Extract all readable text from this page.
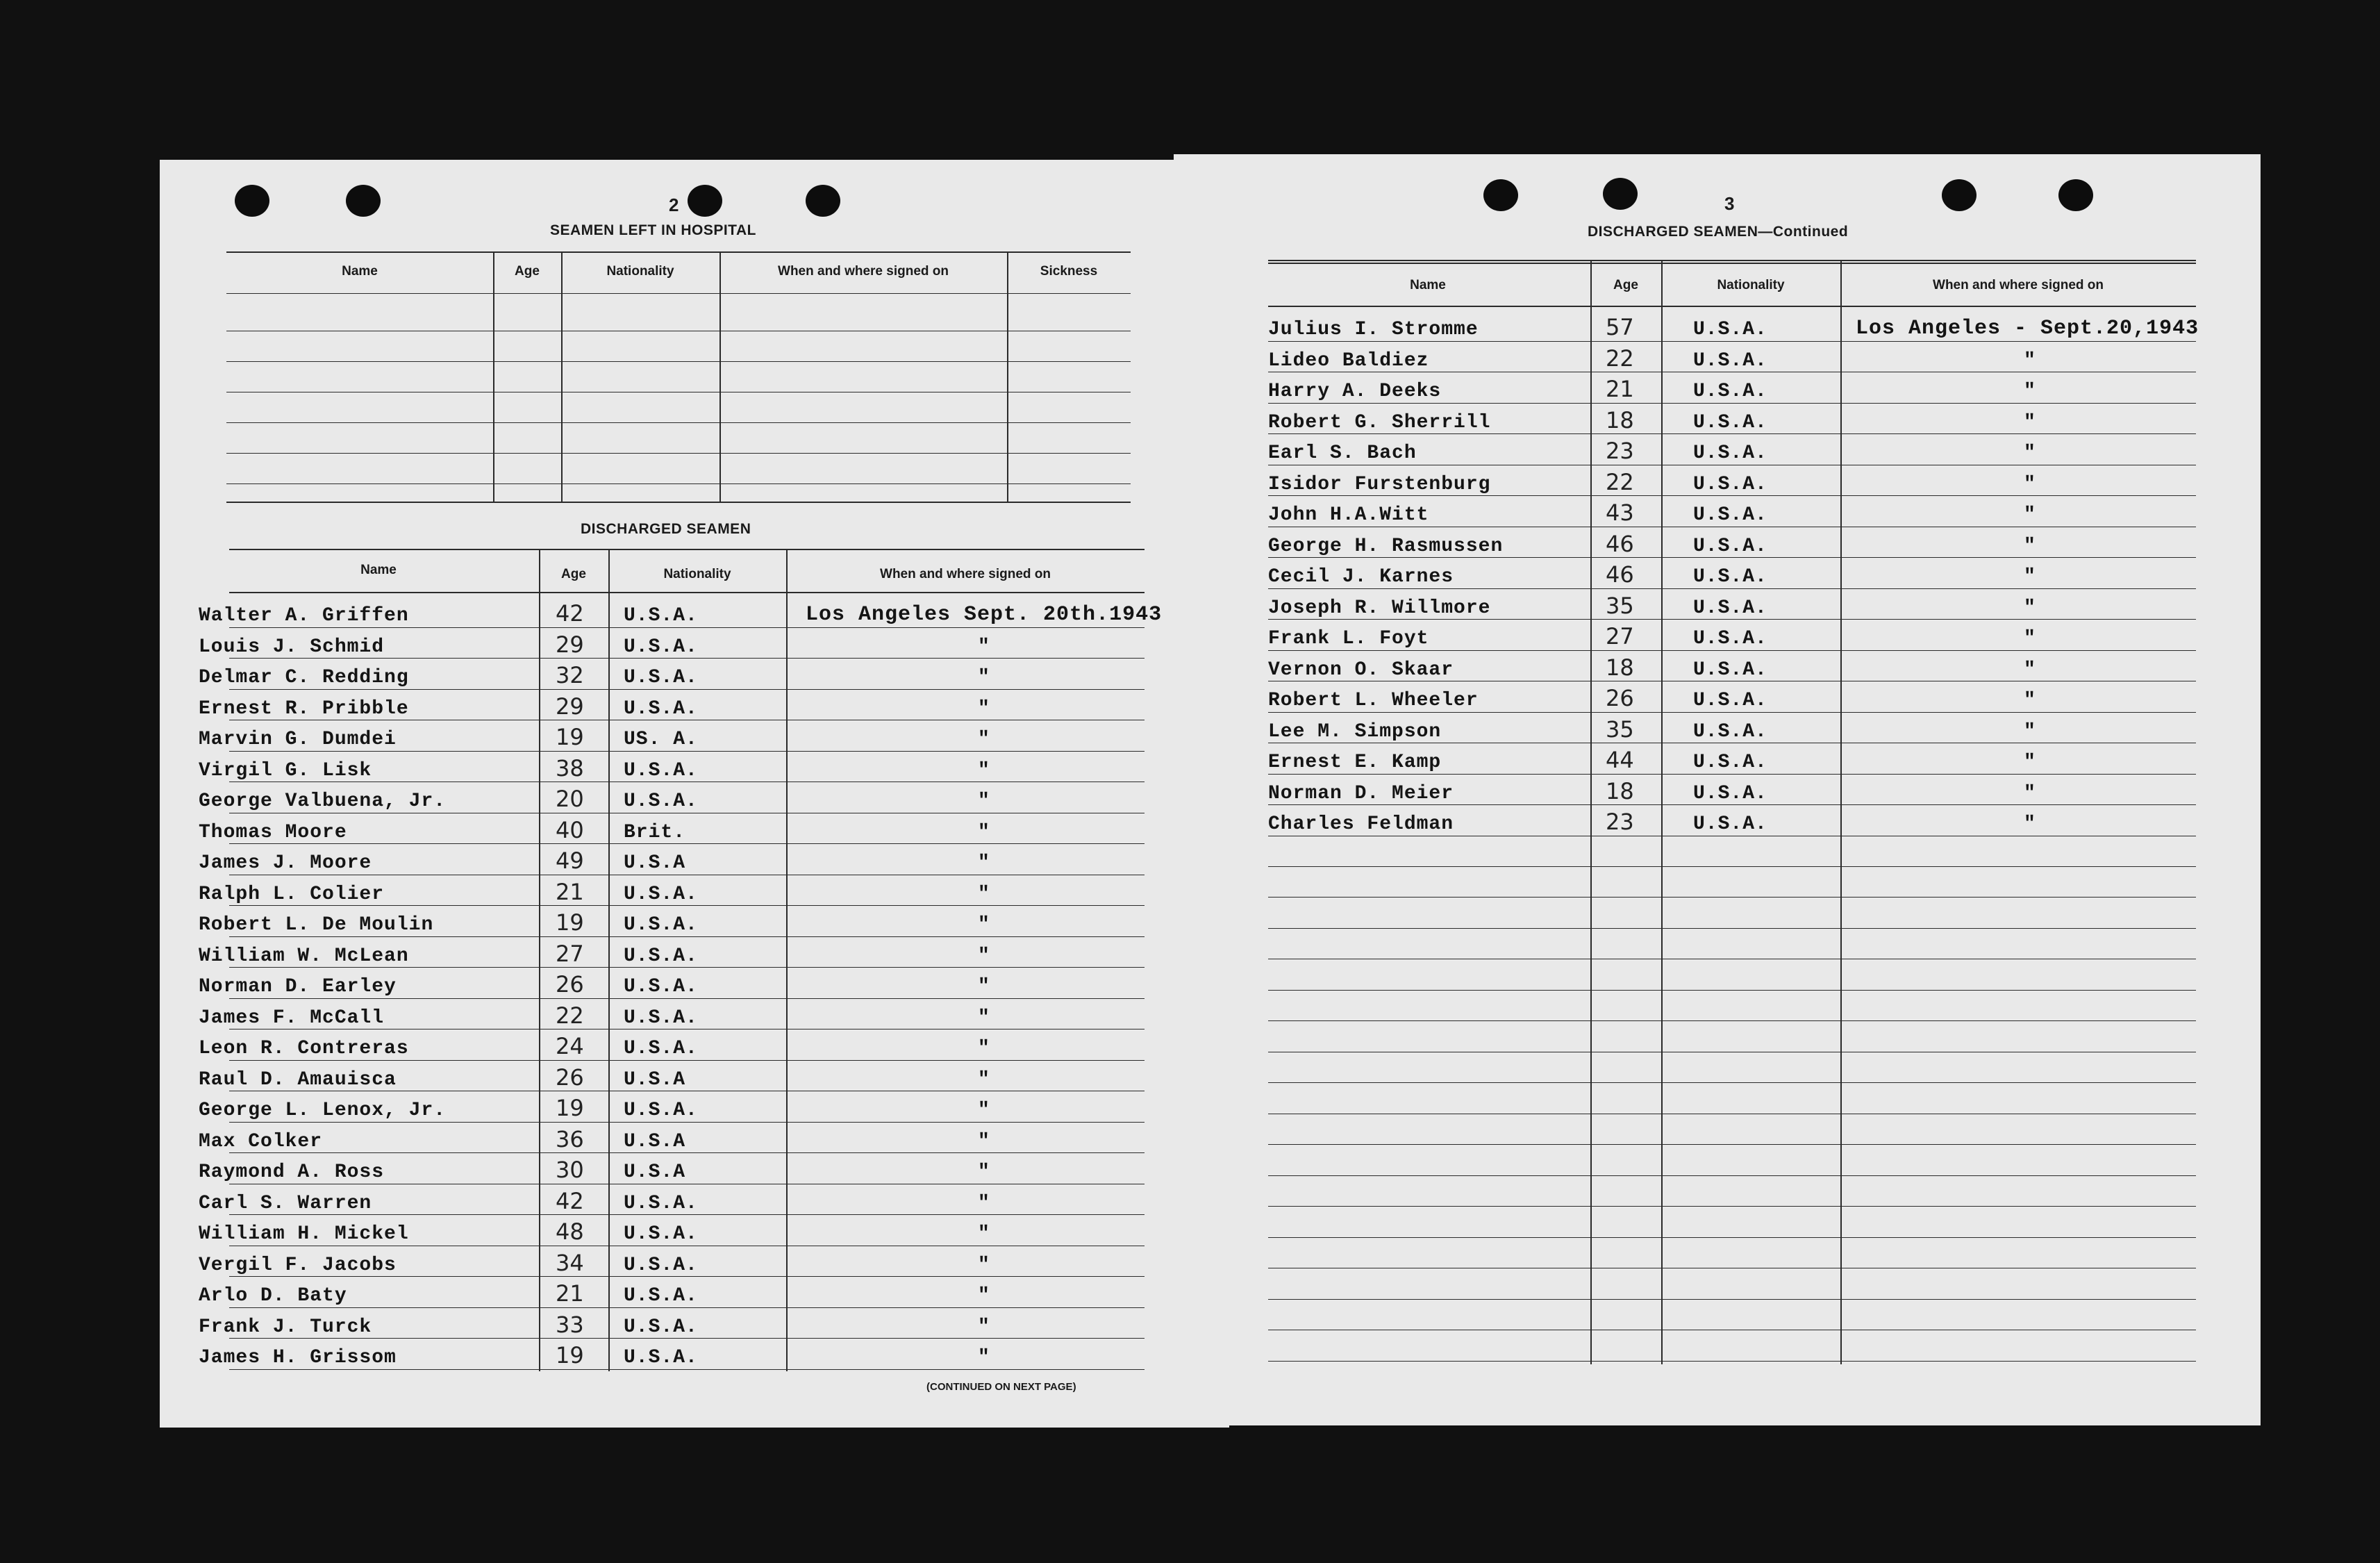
2
SEAMEN LEFT IN HOSPITAL
Name	Age	Nationality	When and where signed on	Sickness
DISCHARGED SEAMEN
Name	Age	Nationality	When and where signed on
Walter A. Griffen	42 U.S.A.	Los Angeles Sept. 20th.1943
Louis J. Schmid	29 U.S.A.	"
Delmar C. Redding	32 U.S.A.	"
Ernest R. Pribble	29 U.S.A.	"
Marvin G. Dumdei	19 US. A.	"
Virgil G. Lisk	38 U.S.A.	"
George Valbuena, Jr.	20 U.S.A.	"
Thomas Moore	40 Brit.	"
James J. Moore	49 U.S.A	"
Ralph L. Colier	21 U.S.A.	"
Robert L. De Moulin	19 U.S.A.	"
William W. McLean	27 U.S.A.	"
Norman D. Earley	26 U.S.A.	"
James F. McCall	22 U.S.A.	"
Leon R. Contreras	24 U.S.A.	"
Raul D. Amauisca	26 U.S.A	"
George L. Lenox, Jr.	19 U.S.A.	"
Max Colker	36 U.S.A	"
Raymond A. Ross	30 U.S.A	"
Carl S. Warren	42 U.S.A.	"
William H. Mickel	48 U.S.A.	"
Vergil F. Jacobs	34 U.S.A.	"
Arlo D. Baty	21 U.S.A.	"
Frank J. Turck	33 U.S.A.	"
James H. Grissom	19 U.S.A.	"
(CONTINUED ON NEXT PAGE)
3
DISCHARGED SEAMEN—Continued
Name	Age	Nationality	When and where signed on
Julius I. Stromme	57	U.S.A.	Los Angeles - Sept.20,1943
Lideo Baldiez	22	U.S.A.	"
Harry A. Deeks	21	U.S.A.	"
Robert G. Sherrill	18	U.S.A.	"
Earl S. Bach	23	U.S.A.	"
Isidor Furstenburg	22	U.S.A.	"
John H.A.Witt	43	U.S.A.	"
George H. Rasmussen	46	U.S.A.	"
Cecil J. Karnes	46	U.S.A.	"
Joseph R. Willmore	35	U.S.A.	"
Frank L. Foyt	27	U.S.A.	"
Vernon O. Skaar	18	U.S.A.	"
Robert L. Wheeler	26	U.S.A.	"
Lee M. Simpson	35	U.S.A.	"
Ernest E. Kamp	44	U.S.A.	"
Norman D. Meier	18	U.S.A.	"
Charles Feldman	23	U.S.A.	"
